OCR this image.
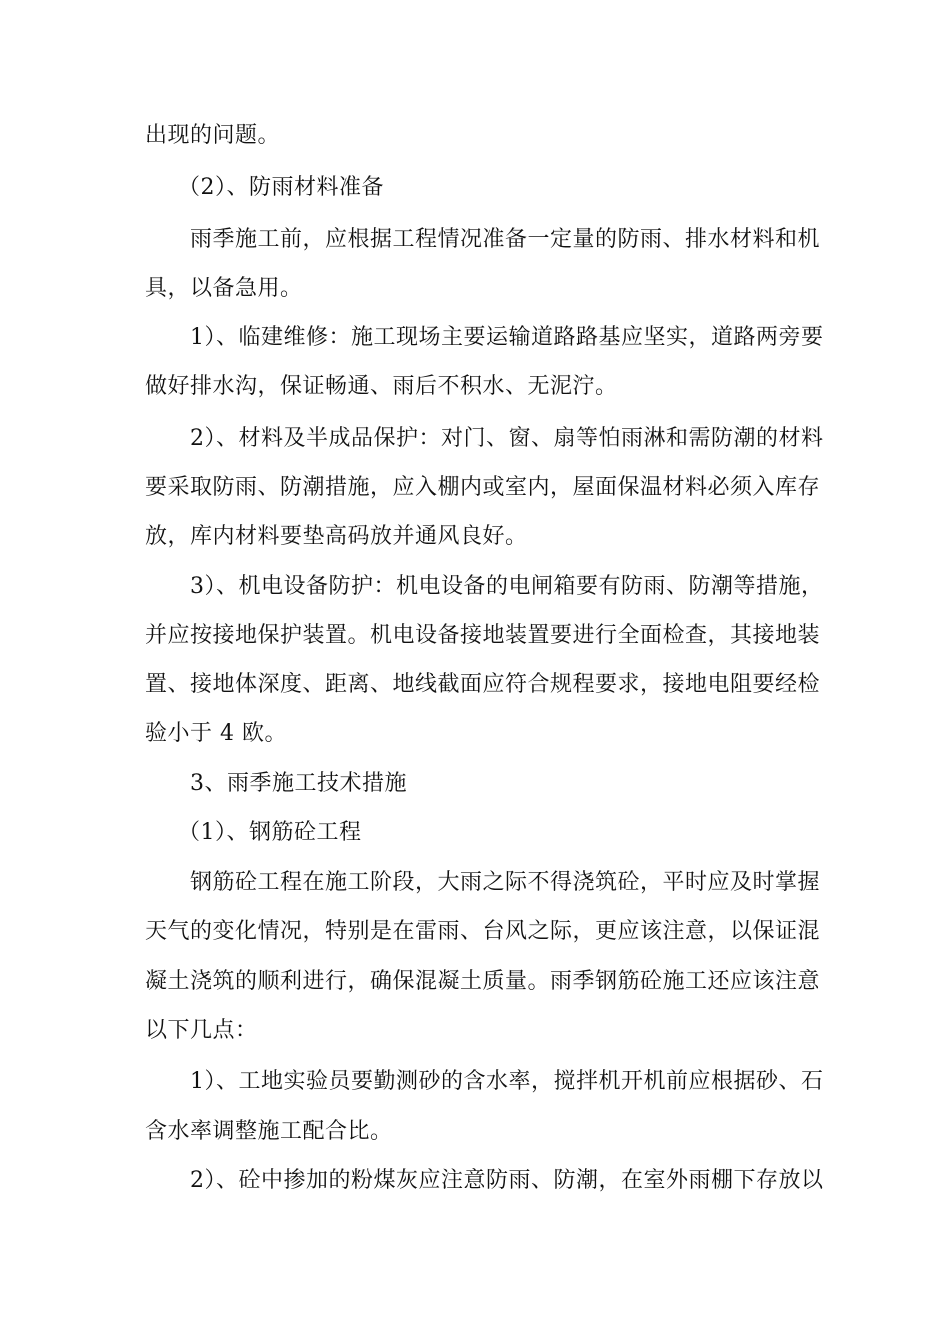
出现的问题。
（2）、防雨材料准备
雨季施工前，应根据工程情况准备一定量的防雨、排水材料和机
具，以备急用。
1）、临建维修：施工现场主要运输道路路基应坚实，道路两旁要
做好排水沟，保证畅通、雨后不积水、无泥泞。
2）、材料及半成品保护：对门、窗、扇等怕雨淋和需防潮的材料
要采取防雨、防潮措施，应入棚内或室内，屋面保温材料必须入库存
放，库内材料要垫高码放并通风良好。
3）、机电设备防护：机电设备的电闸箱要有防雨、防潮等措施，
并应按接地保护装置。机电设备接地装置要进行全面检查，其接地装
置、接地体深度、距离、地线截面应符合规程要求，接地电阻要经检
验小于 4 欧。
3、雨季施工技术措施
（1）、钢筋砼工程
钢筋砼工程在施工阶段，大雨之际不得浇筑砼，平时应及时掌握
天气的变化情况，特别是在雷雨、台风之际，更应该注意，以保证混
凝土浇筑的顺利进行，确保混凝土质量。雨季钢筋砼施工还应该注意
以下几点：
1）、工地实验员要勤测砂的含水率，搅拌机开机前应根据砂、石
含水率调整施工配合比。
2）、砼中掺加的粉煤灰应注意防雨、防潮，在室外雨棚下存放以
